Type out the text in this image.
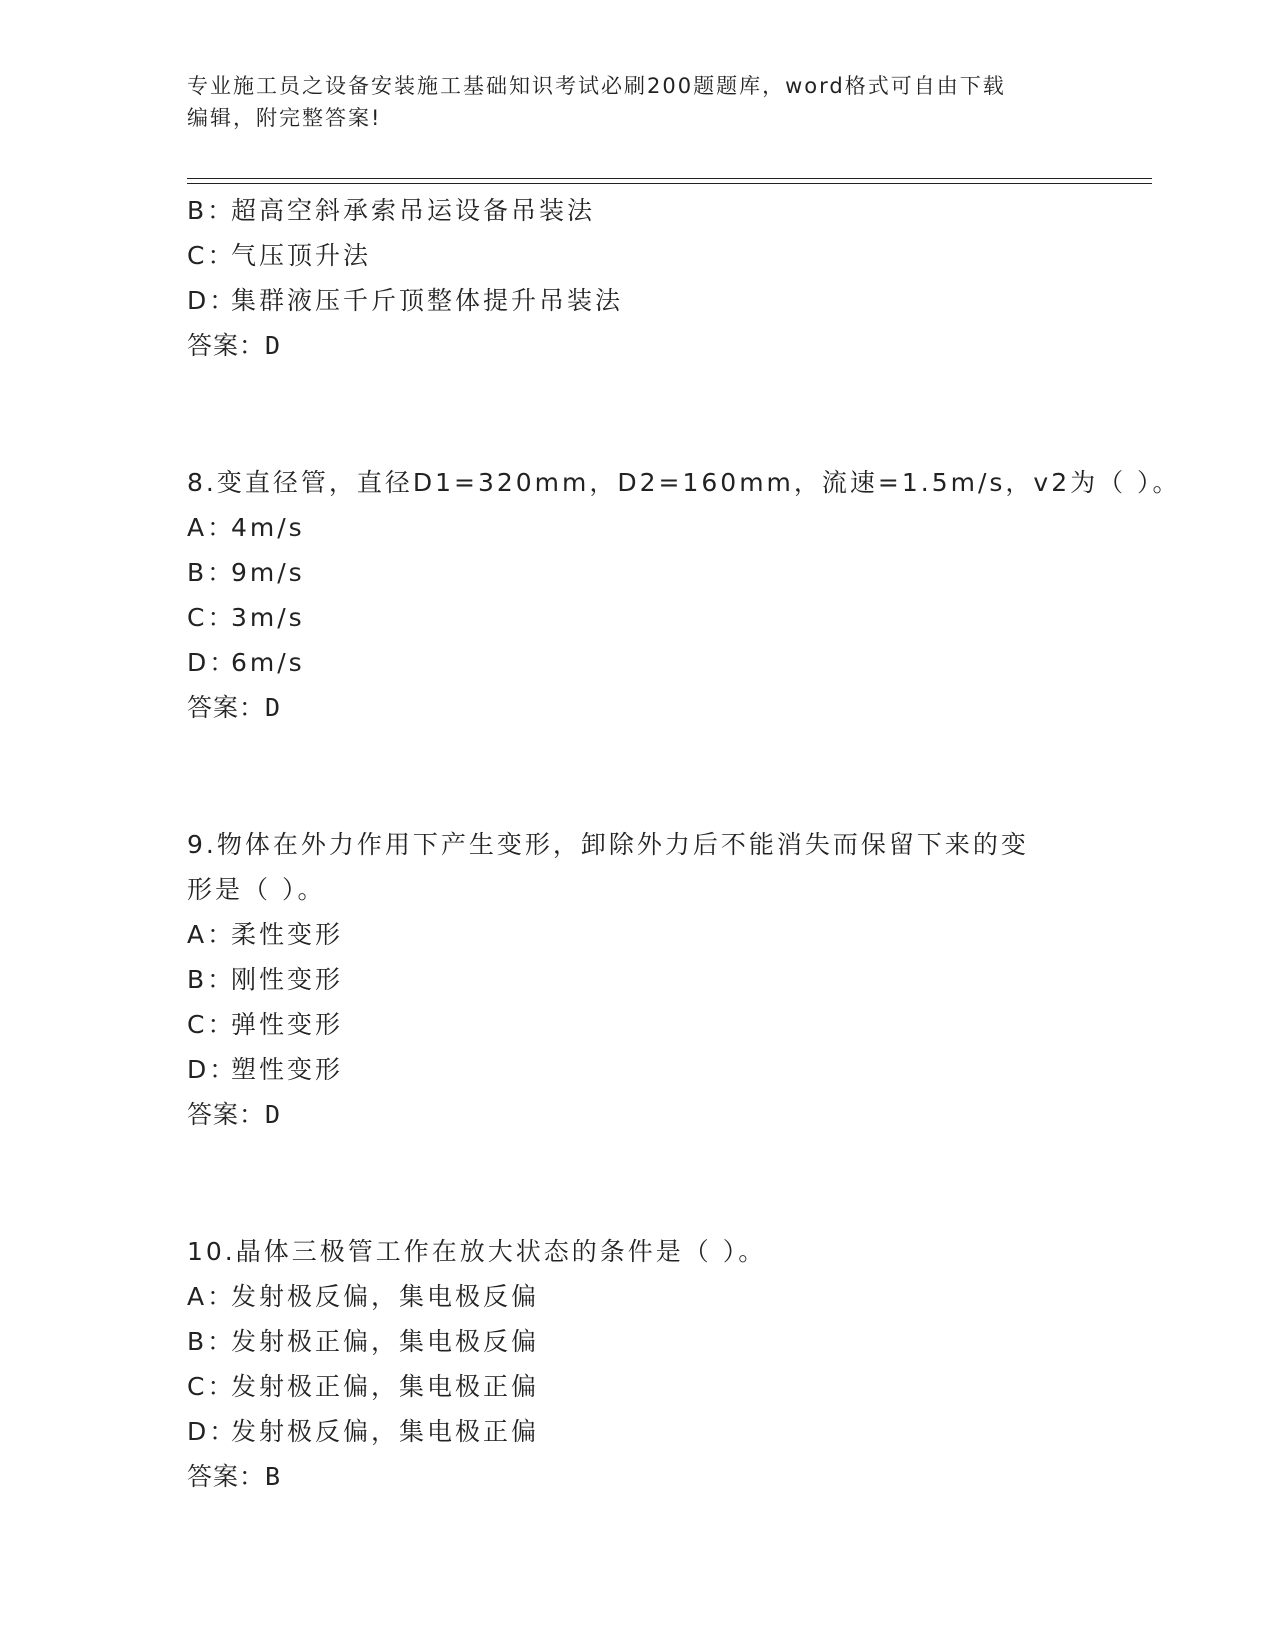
专业施工员之设备安装施工基础知识考试必刷200题题库，word格式可自由下载
编辑，附完整答案!
B：超高空斜承索吊运设备吊装法
C：气压顶升法
D：集群液压千斤顶整体提升吊装法
答案：D
8.变直径管，直径D1=320mm，D2=160mm，流速=1.5m/s，v2为（ ）。
A：4m/s
B：9m/s
C：3m/s
D：6m/s
答案：D
9.物体在外力作用下产生变形，卸除外力后不能消失而保留下来的变
形是（ ）。
A：柔性变形
B：刚性变形
C：弹性变形
D：塑性变形
答案：D
10.晶体三极管工作在放大状态的条件是（ ）。
A：发射极反偏，集电极反偏
B：发射极正偏，集电极反偏
C：发射极正偏，集电极正偏
D：发射极反偏，集电极正偏
答案：B
